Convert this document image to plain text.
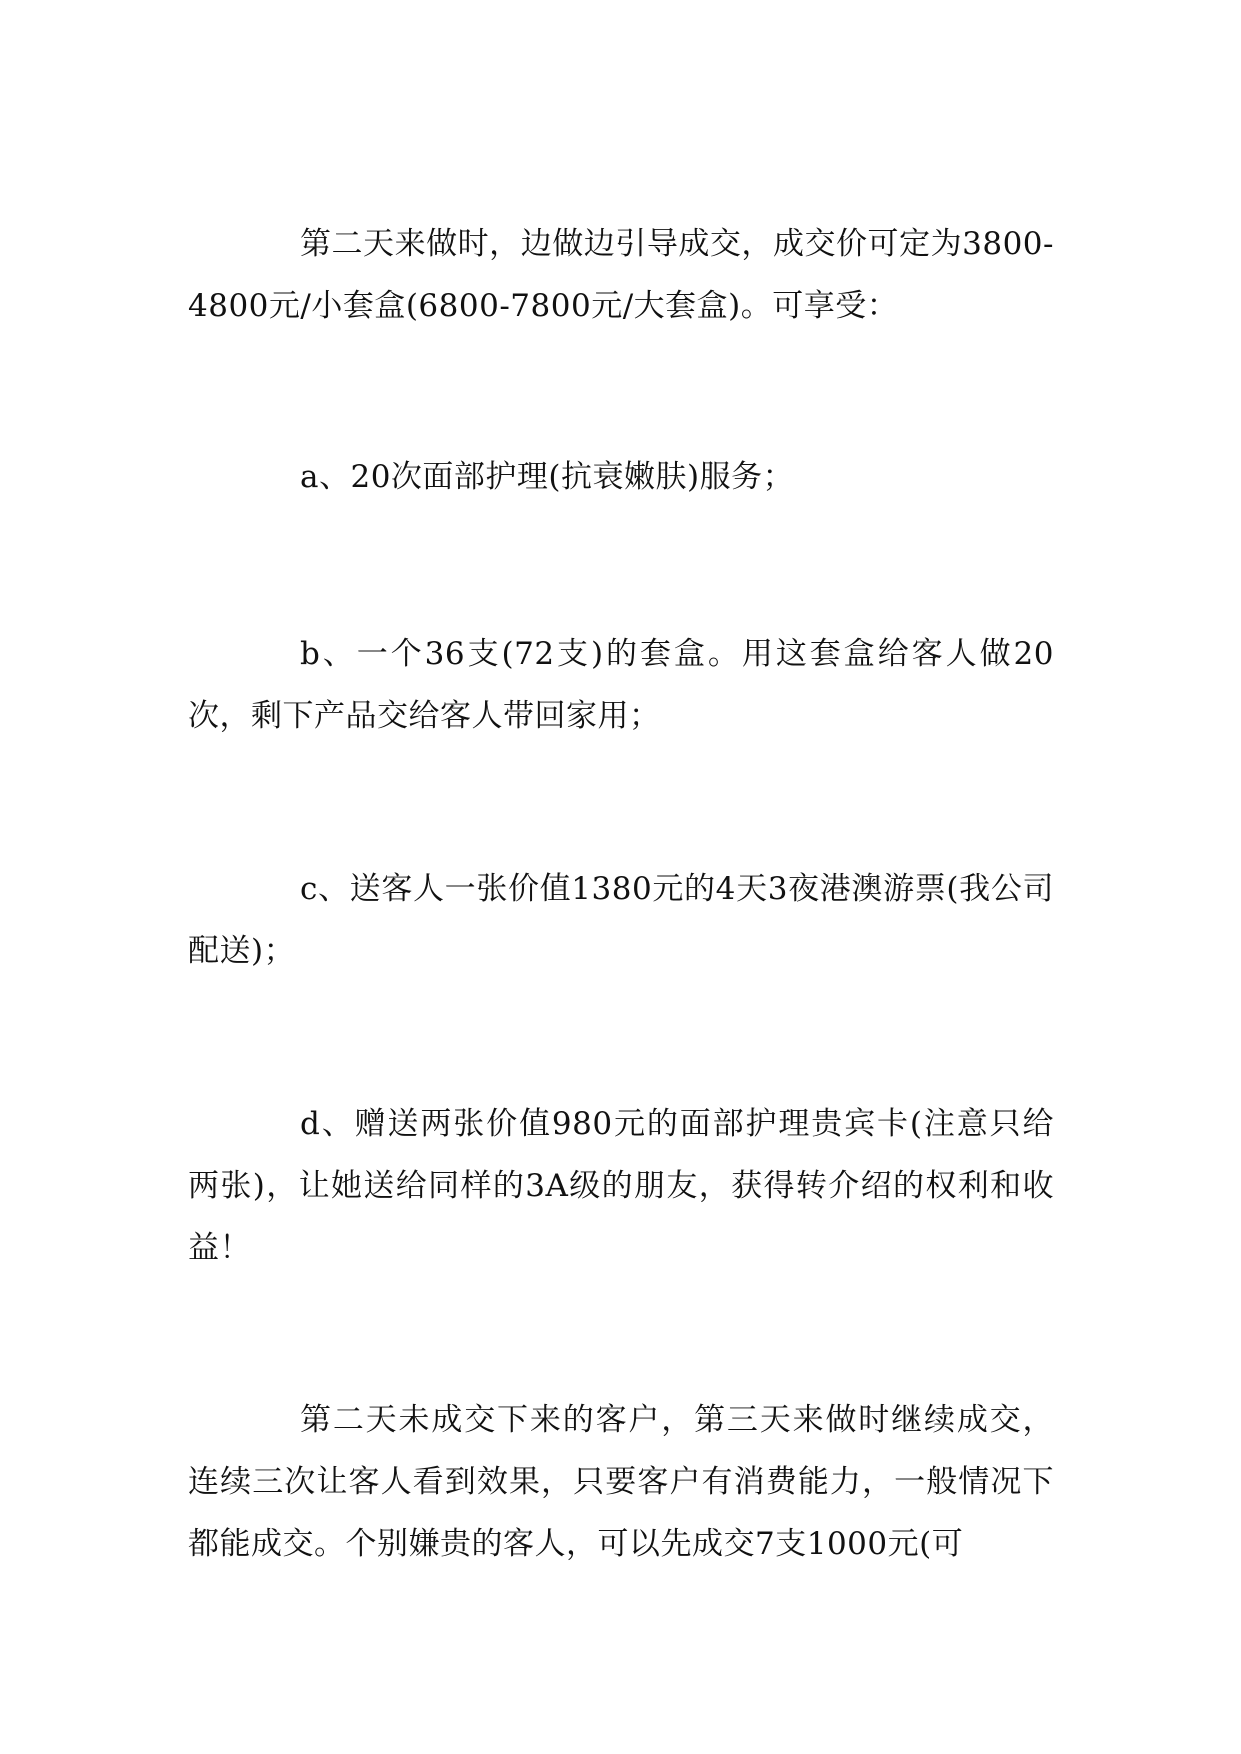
第二天来做时，边做边引导成交，成交价可定为3800-4800元/小套盒(6800-7800元/大套盒)。可享受：

a、20次面部护理(抗衰嫩肤)服务；

b、一个36支(72支)的套盒。用这套盒给客人做20次，剩下产品交给客人带回家用；

c、送客人一张价值1380元的4天3夜港澳游票(我公司配送)；

d、赠送两张价值980元的面部护理贵宾卡(注意只给两张)，让她送给同样的3A级的朋友，获得转介绍的权利和收益！

第二天未成交下来的客户，第三天来做时继续成交，连续三次让客人看到效果，只要客户有消费能力，一般情况下都能成交。个别嫌贵的客人，可以先成交7支1000元(可
